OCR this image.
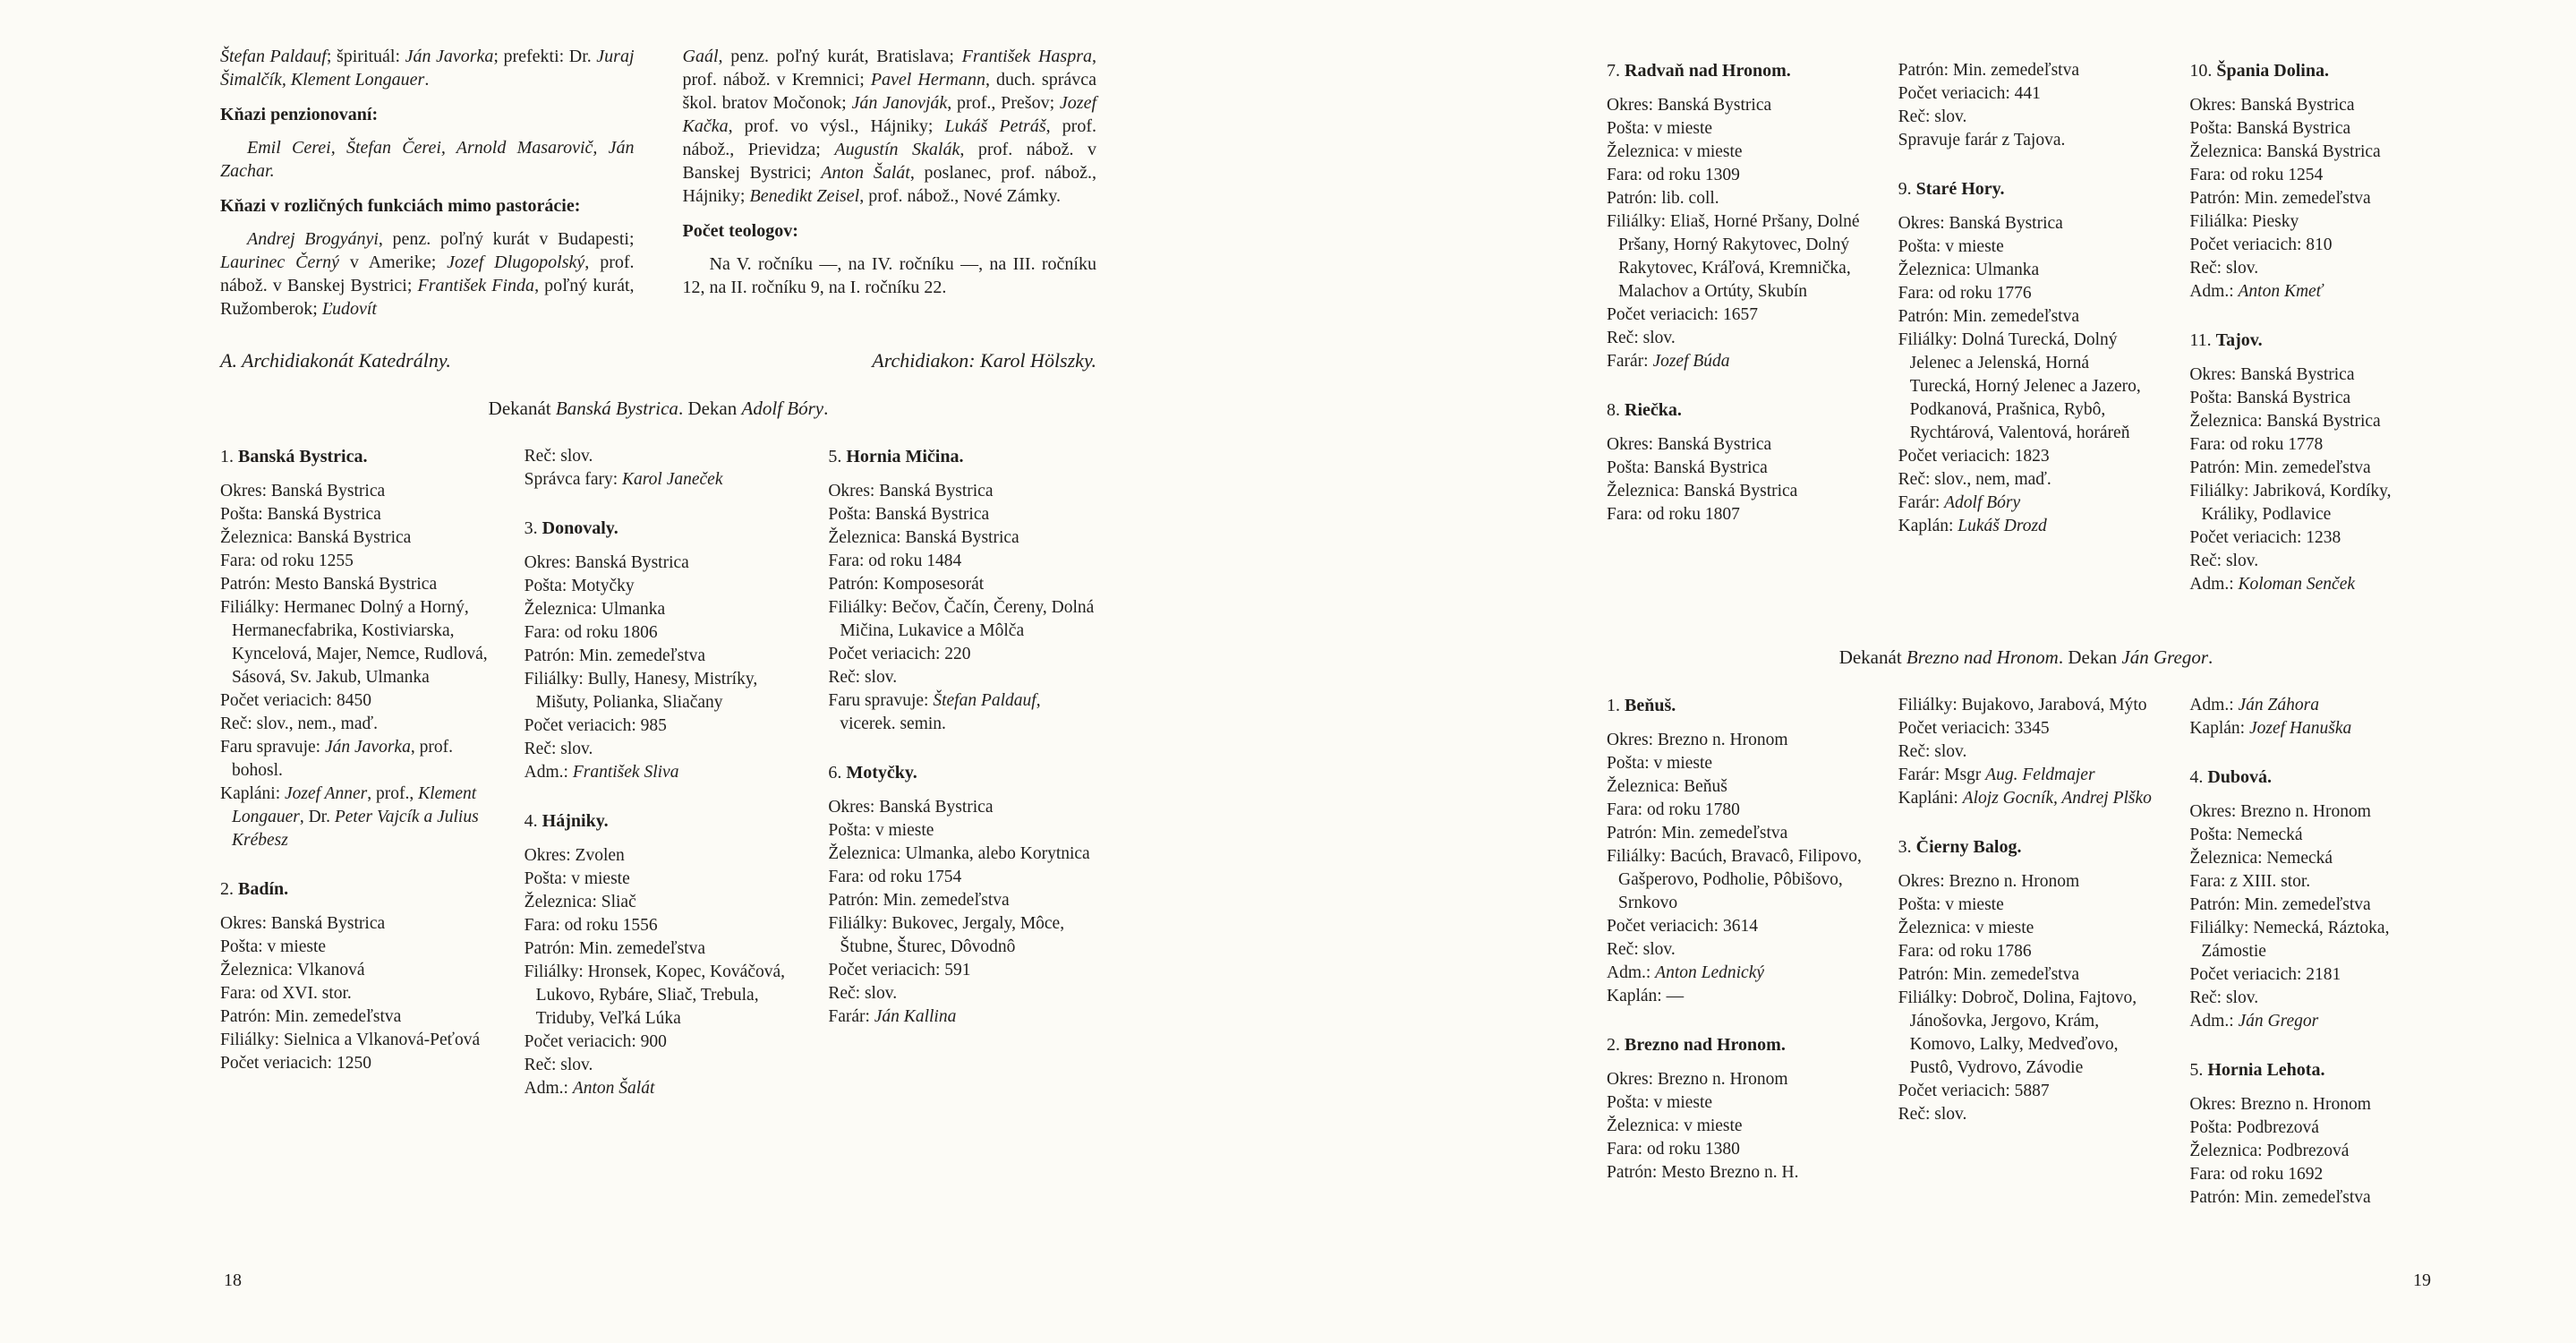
Štefan Paldauf; špirituál: Ján Javorka; prefekti: Dr. Juraj Šimalčík, Klement Longauer.
Kňazi penzionovaní:
Emil Cerei, Štefan Čerei, Arnold Masarovič, Ján Zachar.
Kňazi v rozličných funkciách mimo pastorácie:
Andrej Brogyányi, penz. poľný kurát v Budapesti; Laurinec Černý v Amerike; Jozef Dlugopolský, prof. nábož. v Banskej Bystrici; František Finda, poľný kurát, Ružomberok; Ľudovít
Gaál, penz. poľný kurát, Bratislava; František Haspra, prof. nábož. v Kremnici; Pavel Hermann, duch. správca škol. bratov Močonok; Ján Janovják, prof., Prešov; Jozef Kačka, prof. vo výsl., Hájniky; Lukáš Petráš, prof. nábož., Prievidza; Augustín Skalák, prof. nábož. v Banskej Bystrici; Anton Šalát, poslanec, prof. nábož., Hájniky; Benedikt Zeisel, prof. nábož., Nové Zámky.
Počet teologov:
Na V. ročníku —, na IV. ročníku —, na III. ročníku 12, na II. ročníku 9, na I. ročníku 22.
A. Archidiakonát Katedrálny.	Archidiakon: Karol Hölszky.
Dekanát Banská Bystrica. Dekan Adolf Bóry.
1. Banská Bystrica.
Okres: Banská Bystrica
Pošta: Banská Bystrica
Železnica: Banská Bystrica
Fara: od roku 1255
Patrón: Mesto Banská Bystrica
Filiálky: Hermanec Dolný a Horný, Hermanecfabrika, Kostiviarska, Kyncelová, Majer, Nemce, Rudlová, Sásová, Sv. Jakub, Ulmanka
Počet veriacich: 8450
Reč: slov., nem., maď.
Faru spravuje: Ján Javorka, prof. bohosl.
Kapláni: Jozef Anner, prof., Klement Longauer, Dr. Peter Vajcík a Julius Krébesz
2. Badín.
Okres: Banská Bystrica
Pošta: v mieste
Železnica: Vlkanová
Fara: od XVI. stor.
Patrón: Min. zemedeľstva
Filiálky: Sielnica a Vlkanová-Peťová
Počet veriacich: 1250
Reč: slov.
Správca fary: Karol Janeček
3. Donovaly.
Okres: Banská Bystrica
Pošta: Motyčky
Železnica: Ulmanka
Fara: od roku 1806
Patrón: Min. zemedeľstva
Filiálky: Bully, Hanesy, Mistríky, Mišuty, Polianka, Sliačany
Počet veriacich: 985
Reč: slov.
Adm.: František Sliva
4. Hájniky.
Okres: Zvolen
Pošta: v mieste
Železnica: Sliač
Fara: od roku 1556
Patrón: Min. zemedeľstva
Filiálky: Hronsek, Kopec, Kováčová, Lukovo, Rybáre, Sliač, Trebula, Triduby, Veľká Lúka
Počet veriacich: 900
Reč: slov.
Adm.: Anton Šalát
5. Hornia Mičina.
Okres: Banská Bystrica
Pošta: Banská Bystrica
Železnica: Banská Bystrica
Fara: od roku 1484
Patrón: Komposesorát
Filiálky: Bečov, Čačín, Čereny, Dolná Mičina, Lukavice a Môlča
Počet veriacich: 220
Reč: slov.
Faru spravuje: Štefan Paldauf, vicerek. semin.
6. Motyčky.
Okres: Banská Bystrica
Pošta: v mieste
Železnica: Ulmanka, alebo Korytnica
Fara: od roku 1754
Patrón: Min. zemedeľstva
Filiálky: Bukovec, Jergaly, Môce, Štubne, Šturec, Dôvodnô
Počet veriacich: 591
Reč: slov.
Farár: Ján Kallina
18
7. Radvaň nad Hronom.
Okres: Banská Bystrica
Pošta: v mieste
Železnica: v mieste
Fara: od roku 1309
Patrón: lib. coll.
Filiálky: Eliaš, Horné Pršany, Dolné Pršany, Horný Rakytovec, Dolný Rakytovec, Kráľová, Kremnička, Malachov a Ortúty, Skubín
Počet veriacich: 1657
Reč: slov.
Farár: Jozef Búda
8. Riečka.
Okres: Banská Bystrica
Pošta: Banská Bystrica
Železnica: Banská Bystrica
Fara: od roku 1807
Patrón: Min. zemedeľstva
Počet veriacich: 441
Reč: slov.
Spravuje farár z Tajova.
9. Staré Hory.
Okres: Banská Bystrica
Pošta: v mieste
Železnica: Ulmanka
Fara: od roku 1776
Patrón: Min. zemedeľstva
Filiálky: Dolná Turecká, Dolný Jelenec a Jelenská, Horná Turecká, Horný Jelenec a Jazero, Podkanová, Prašnica, Rybô, Rychtárová, Valentová, horáreň
Počet veriacich: 1823
Reč: slov., nem, maď.
Farár: Adolf Bóry
Kaplán: Lukáš Drozd
10. Špania Dolina.
Okres: Banská Bystrica
Pošta: Banská Bystrica
Železnica: Banská Bystrica
Fara: od roku 1254
Patrón: Min. zemedeľstva
Filiálka: Piesky
Počet veriacich: 810
Reč: slov.
Adm.: Anton Kmeť
11. Tajov.
Okres: Banská Bystrica
Pošta: Banská Bystrica
Železnica: Banská Bystrica
Fara: od roku 1778
Patrón: Min. zemedeľstva
Filiálky: Jabriková, Kordíky, Králiky, Podlavice
Počet veriacich: 1238
Reč: slov.
Adm.: Koloman Senček
Dekanát Brezno nad Hronom. Dekan Ján Gregor.
1. Beňuš.
Okres: Brezno n. Hronom
Pošta: v mieste
Železnica: Beňuš
Fara: od roku 1780
Patrón: Min. zemedeľstva
Filiálky: Bacúch, Bravacô, Filipovo, Gašperovo, Podholie, Pôbišovo, Srnkovo
Počet veriacich: 3614
Reč: slov.
Adm.: Anton Lednický
Kaplán: —
2. Brezno nad Hronom.
Okres: Brezno n. Hronom
Pošta: v mieste
Železnica: v mieste
Fara: od roku 1380
Patrón: Mesto Brezno n. H.
Filiálky: Bujakovo, Jarabová, Mýto
Počet veriacich: 3345
Reč: slov.
Farár: Msgr Aug. Feldmajer
Kapláni: Alojz Gocník, Andrej Plško
3. Čierny Balog.
Okres: Brezno n. Hronom
Pošta: v mieste
Železnica: v mieste
Fara: od roku 1786
Patrón: Min. zemedeľstva
Filiálky: Dobroč, Dolina, Fajtovo, Jánošovka, Jergovo, Krám, Komovo, Lalky, Medveďovo, Pustô, Vydrovo, Závodie
Počet veriacich: 5887
Reč: slov.
Adm.: Ján Záhora
Kaplán: Jozef Hanuška
4. Dubová.
Okres: Brezno n. Hronom
Pošta: Nemecká
Železnica: Nemecká
Fara: z XIII. stor.
Patrón: Min. zemedeľstva
Filiálky: Nemecká, Ráztoka, Zámostie
Počet veriacich: 2181
Reč: slov.
Adm.: Ján Gregor
5. Hornia Lehota.
Okres: Brezno n. Hronom
Pošta: Podbrezová
Železnica: Podbrezová
Fara: od roku 1692
Patrón: Min. zemedeľstva
19
